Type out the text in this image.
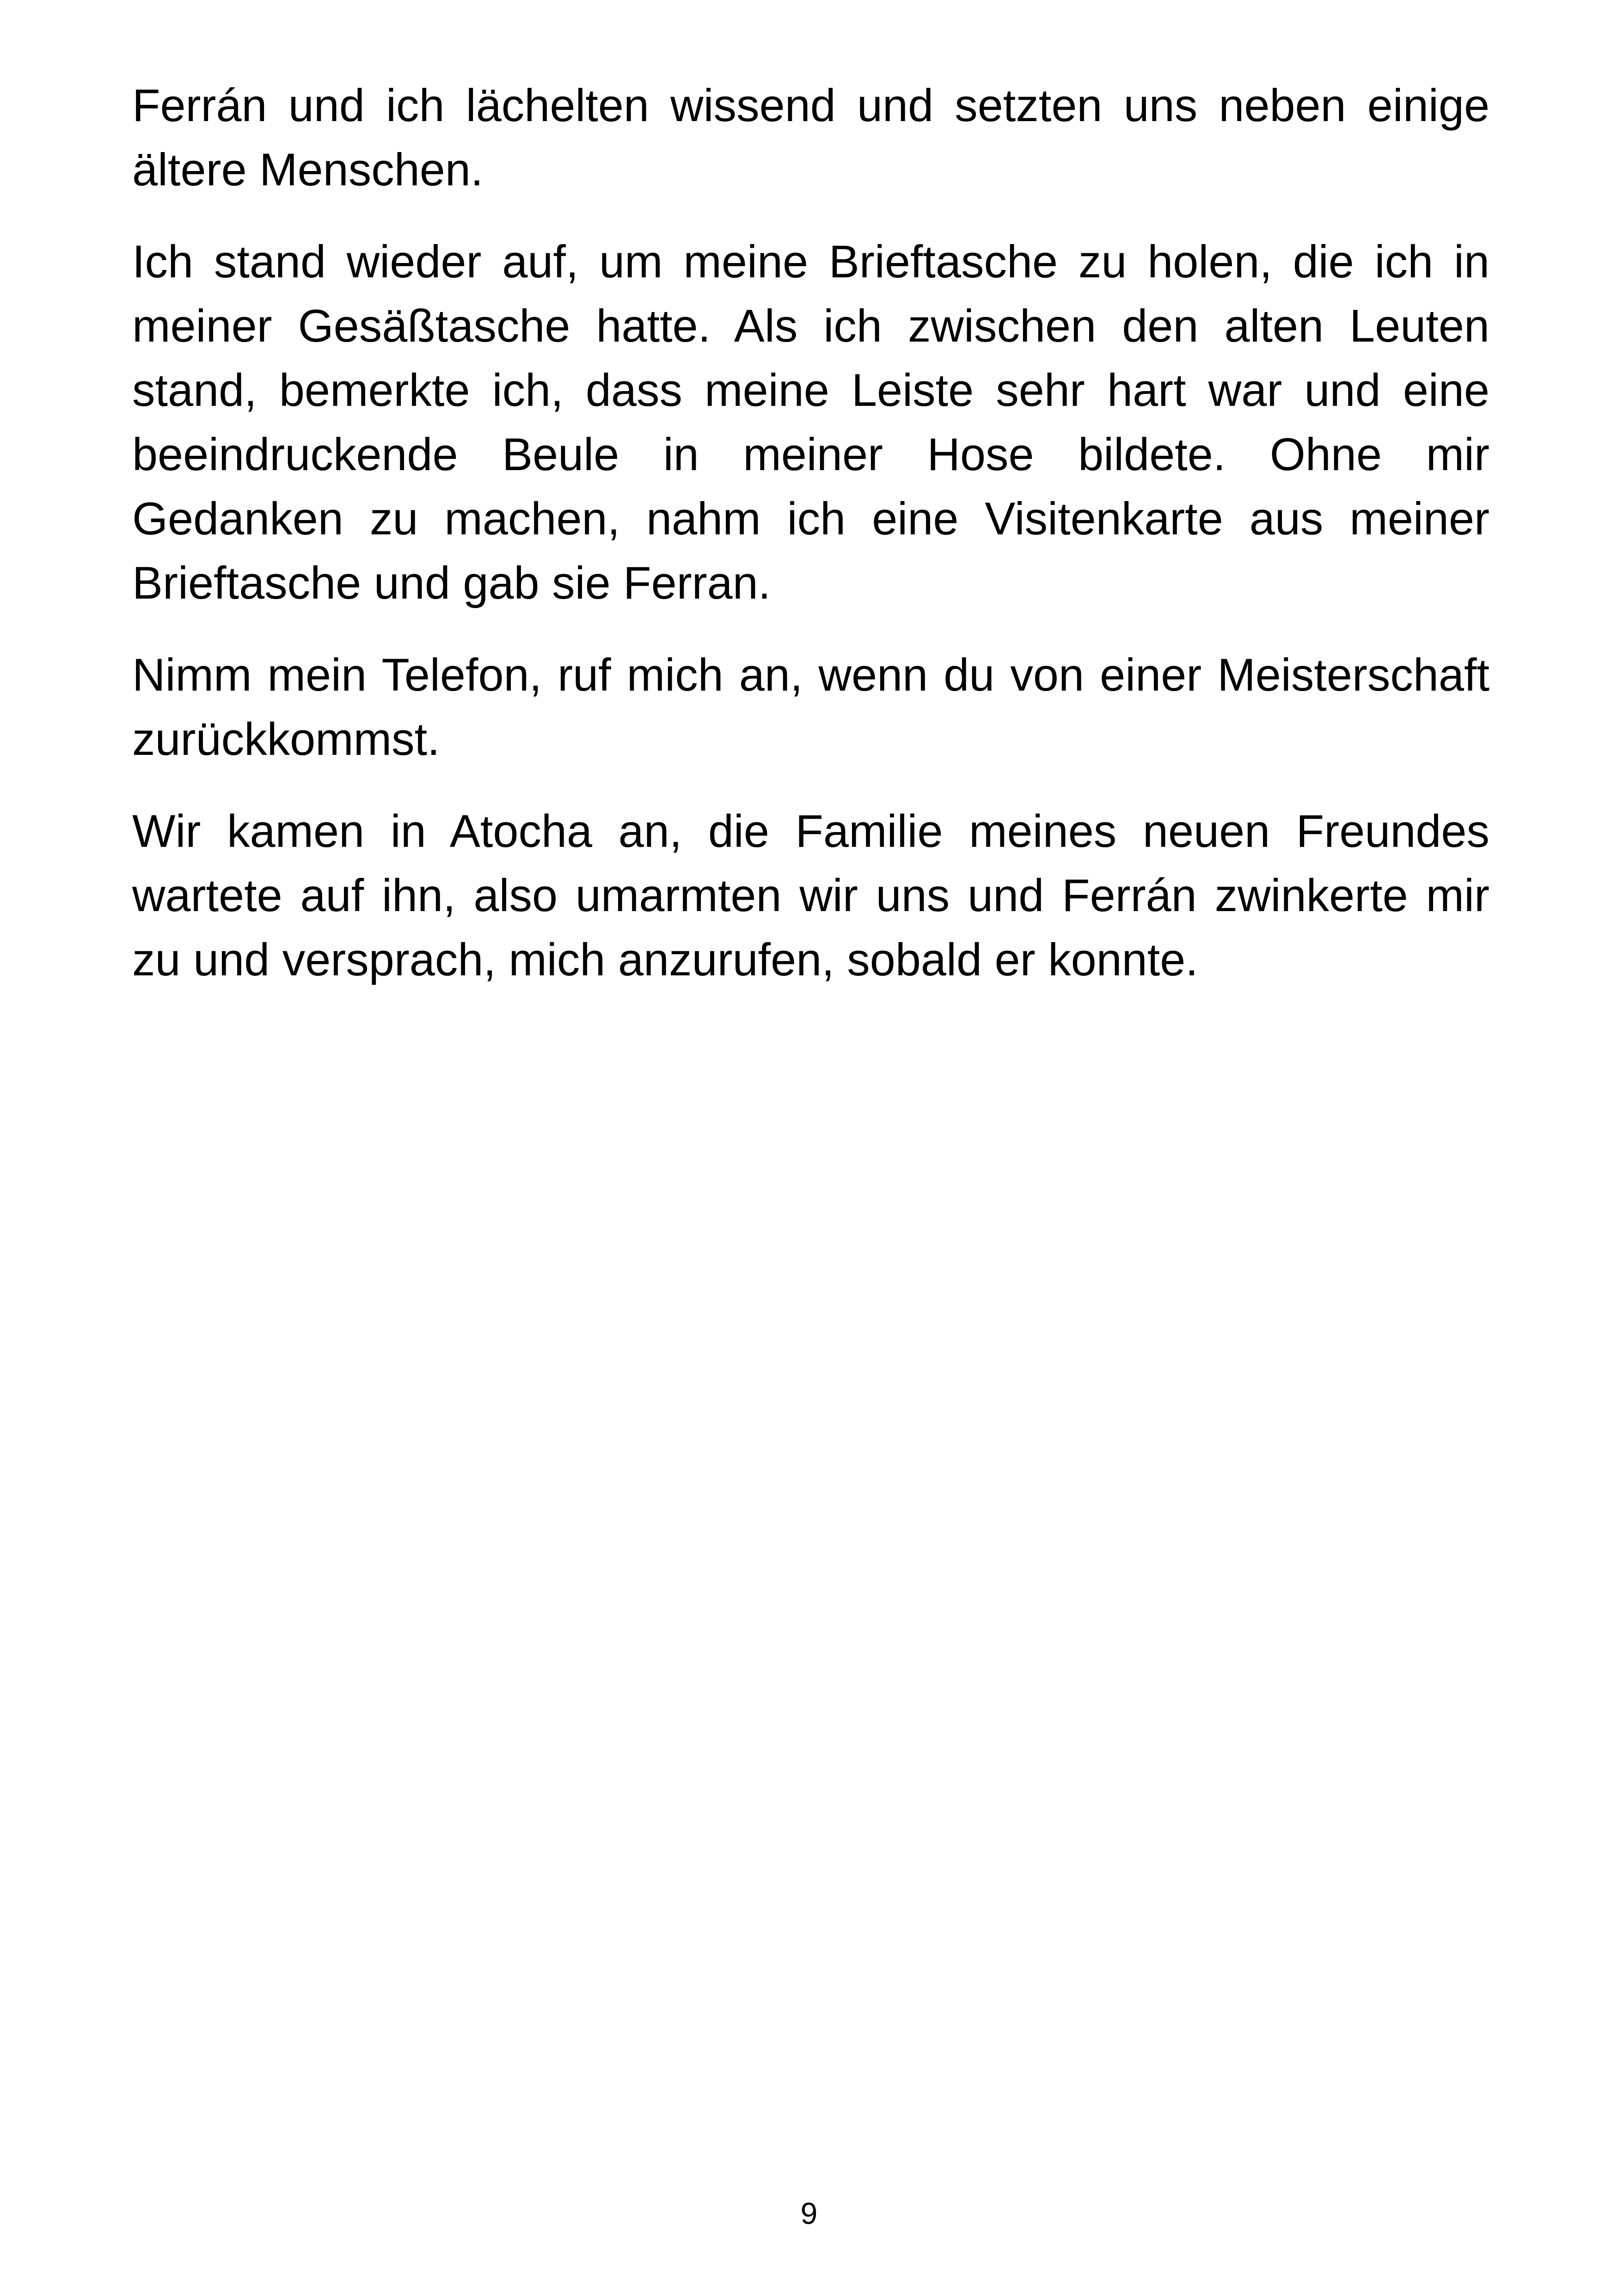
Ferrán und ich lächelten wissend und setzten uns neben einige ältere Menschen.

Ich stand wieder auf, um meine Brieftasche zu holen, die ich in meiner Gesäßtasche hatte. Als ich zwischen den alten Leuten stand, bemerkte ich, dass meine Leiste sehr hart war und eine beeindruckende Beule in meiner Hose bildete. Ohne mir Gedanken zu machen, nahm ich eine Visitenkarte aus meiner Brieftasche und gab sie Ferran.

Nimm mein Telefon, ruf mich an, wenn du von einer Meisterschaft zurückkommst.

Wir kamen in Atocha an, die Familie meines neuen Freundes wartete auf ihn, also umarmten wir uns und Ferrán zwinkerte mir zu und versprach, mich anzurufen, sobald er konnte.

9
